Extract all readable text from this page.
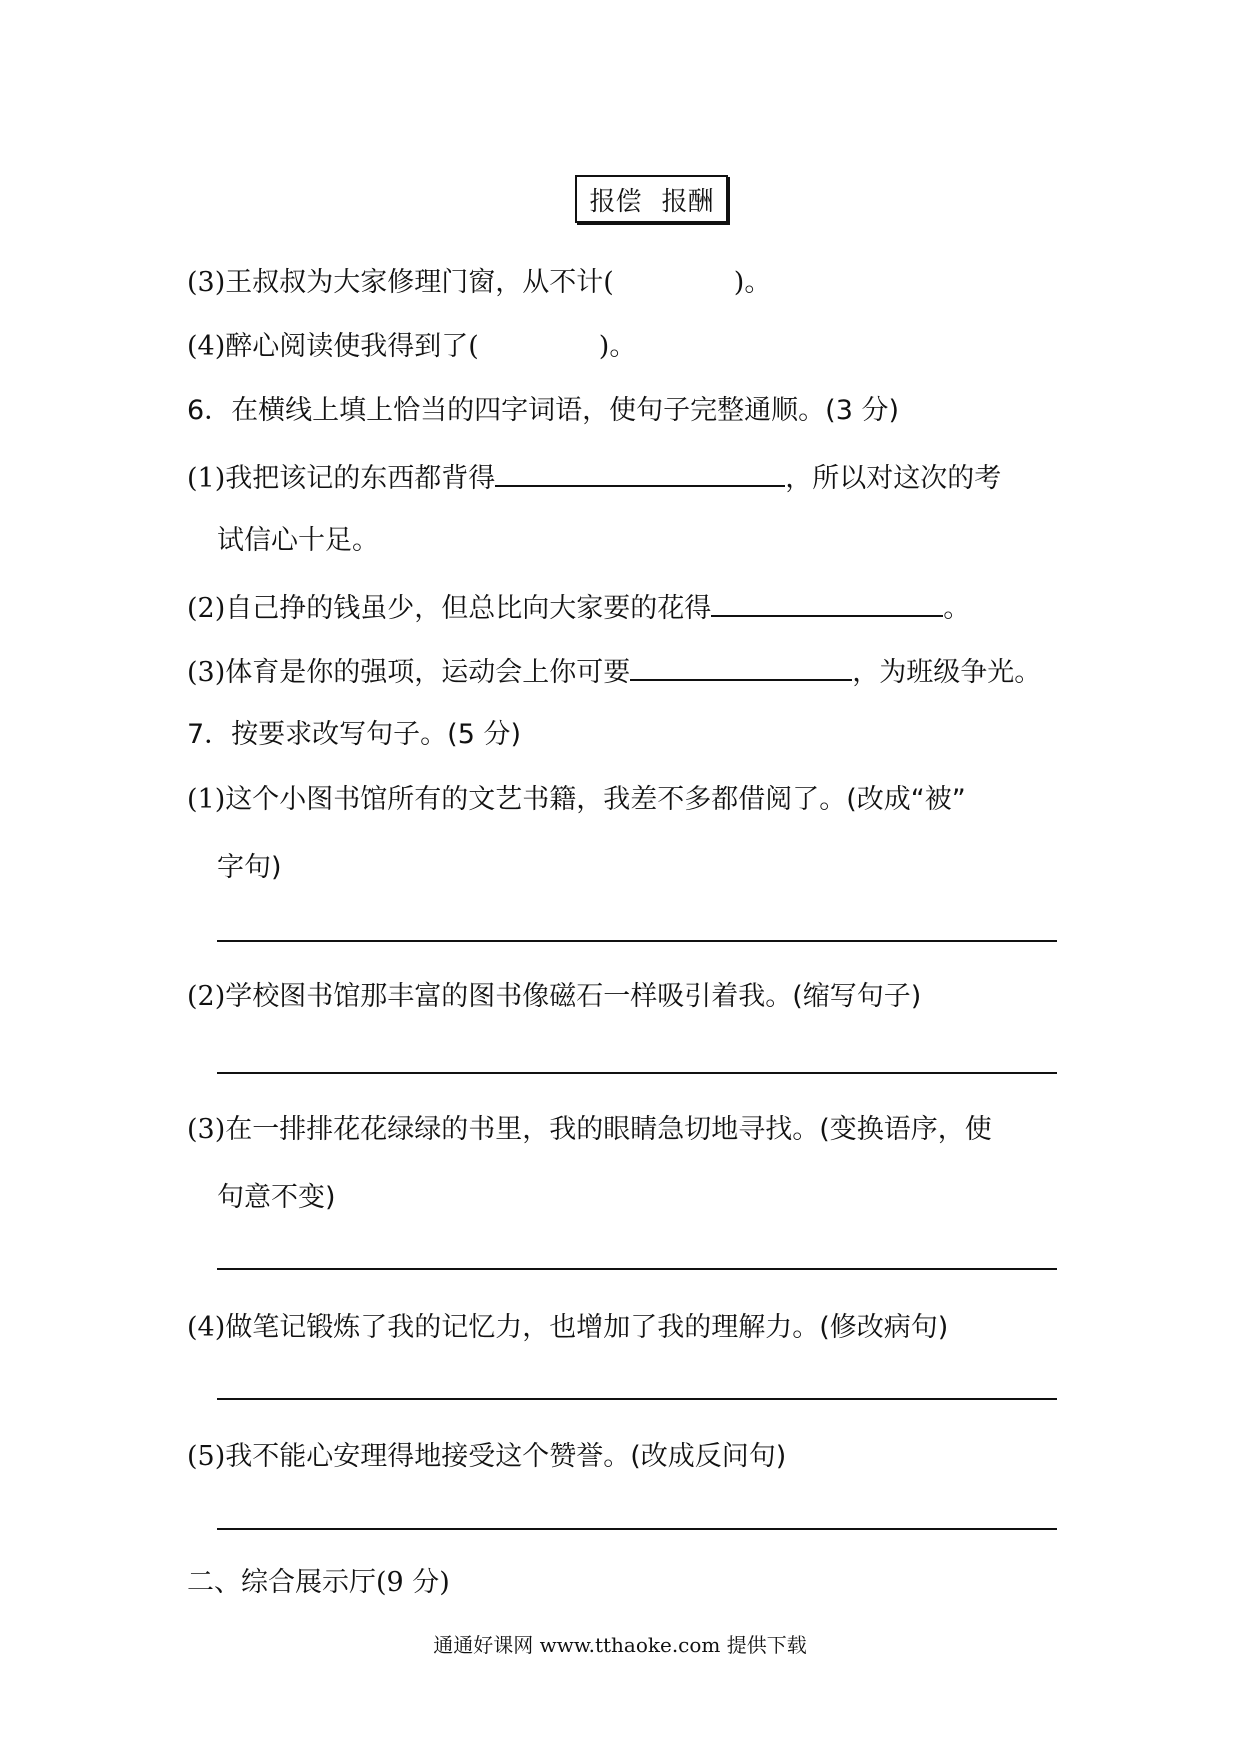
报偿 报酬
(3)王叔叔为大家修理门窗，从不计(	)。
(4)醉心阅读使我得到了(	)。
6．在横线上填上恰当的四字词语，使句子完整通顺。(3 分)
(1)我把该记的东西都背得	，所以对这次的考
试信心十足。
(2)自己挣的钱虽少，但总比向大家要的花得	。
(3)体育是你的强项，运动会上你可要	，为班级争光。
7．按要求改写句子。(5 分)
(1)这个小图书馆所有的文艺书籍，我差不多都借阅了。(改成“被”
字句)
(2)学校图书馆那丰富的图书像磁石一样吸引着我。(缩写句子)
(3)在一排排花花绿绿的书里，我的眼睛急切地寻找。(变换语序，使
句意不变)
(4)做笔记锻炼了我的记忆力，也增加了我的理解力。(修改病句)
(5)我不能心安理得地接受这个赞誉。(改成反问句)
二、综合展示厅(9 分)
通通好课网 www.tthaoke.com 提供下载
